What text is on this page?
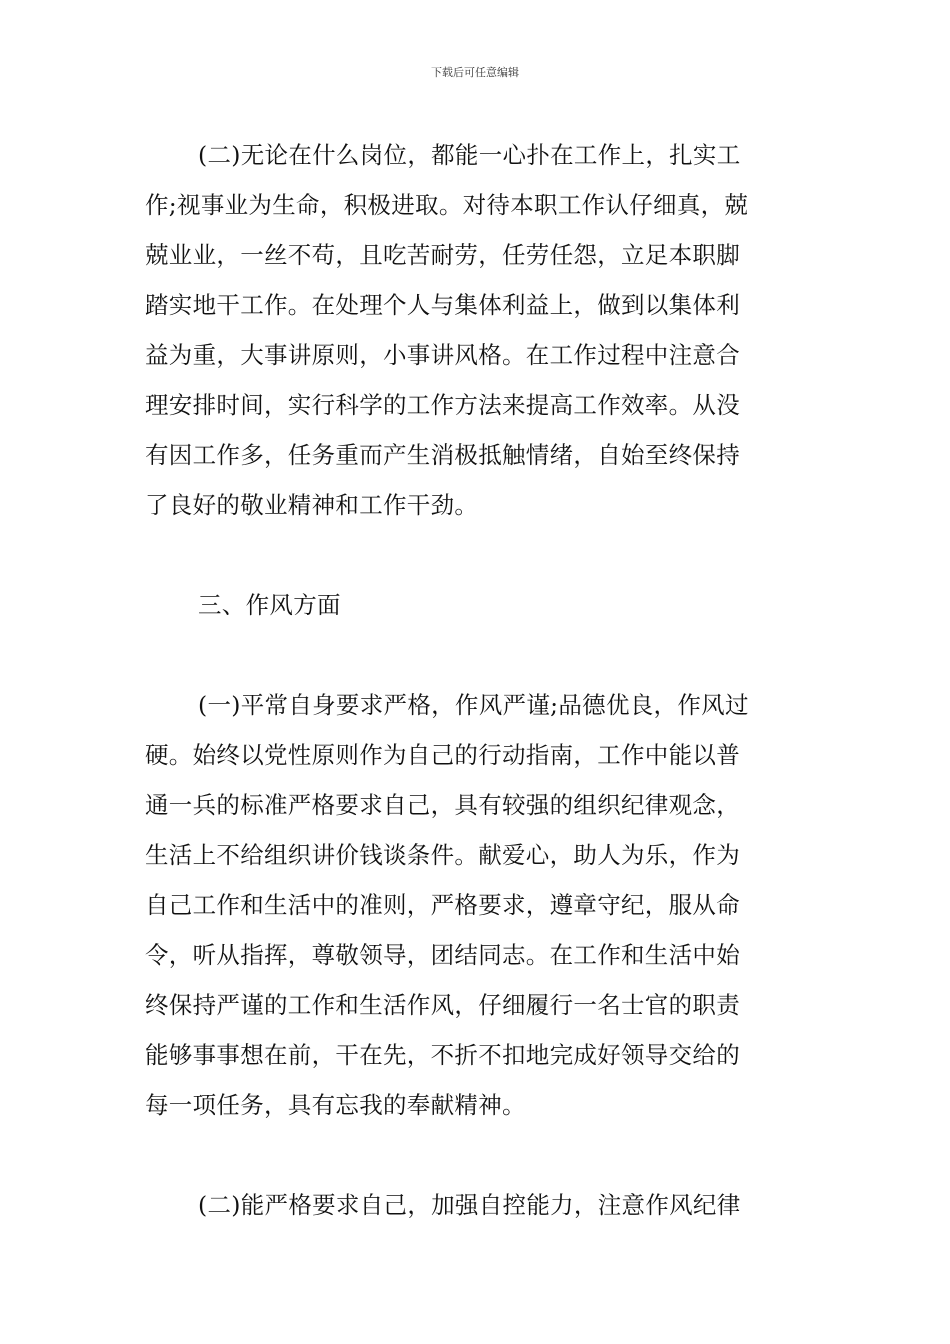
下载后可任意编辑
(二)无论在什么岗位，都能一心扑在工作上，扎实工
作;视事业为生命，积极进取。对待本职工作认仔细真，兢
兢业业，一丝不苟，且吃苦耐劳，任劳任怨，立足本职脚
踏实地干工作。在处理个人与集体利益上，做到以集体利
益为重，大事讲原则，小事讲风格。在工作过程中注意合
理安排时间，实行科学的工作方法来提高工作效率。从没
有因工作多，任务重而产生消极抵触情绪，自始至终保持
了良好的敬业精神和工作干劲。
三、作风方面
(一)平常自身要求严格，作风严谨;品德优良，作风过
硬。始终以党性原则作为自己的行动指南，工作中能以普
通一兵的标准严格要求自己，具有较强的组织纪律观念，
生活上不给组织讲价钱谈条件。献爱心，助人为乐，作为
自己工作和生活中的准则，严格要求，遵章守纪，服从命
令，听从指挥，尊敬领导，团结同志。在工作和生活中始
终保持严谨的工作和生活作风，仔细履行一名士官的职责
能够事事想在前，干在先，不折不扣地完成好领导交给的
每一项任务，具有忘我的奉献精神。
(二)能严格要求自己，加强自控能力，注意作风纪律
